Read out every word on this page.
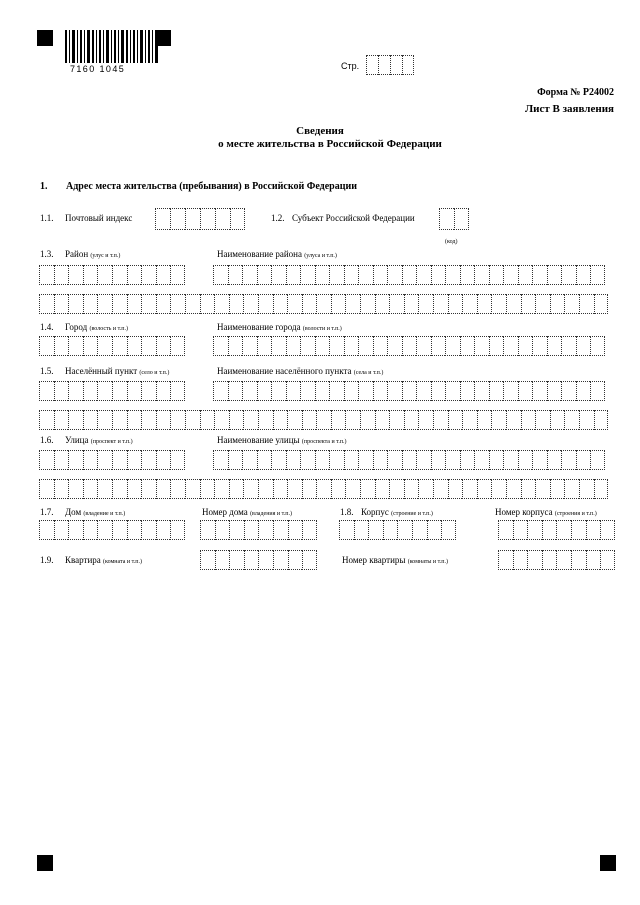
7160 1045	Стр.
Форма № Р24002
Лист В заявления
Сведения
о месте жительства в Российской Федерации
1. Адрес места жительства (пребывания) в Российской Федерации
1.1. Почтовый индекс	1.2. Субъект Российской Федерации
(код)
1.3. Район (улус и т.п.)	Наименование района (улуса и т.п.)
1.4. Город (волость и т.п.)	Наименование города (волости и т.п.)
1.5. Населённый пункт (село и т.п.)	Наименование населённого пункта (села и т.п.)
1.6. Улица (проспект и т.п.)	Наименование улицы (проспекта и т.п.)
1.7. Дом (владение и т.п.)	Номер дома (владения и т.п.)	1.8. Корпус (строение и т.п.)	Номер корпуса (строения и т.п.)
1.9. Квартира (комната и т.п.)	Номер квартиры (комнаты и т.п.)
